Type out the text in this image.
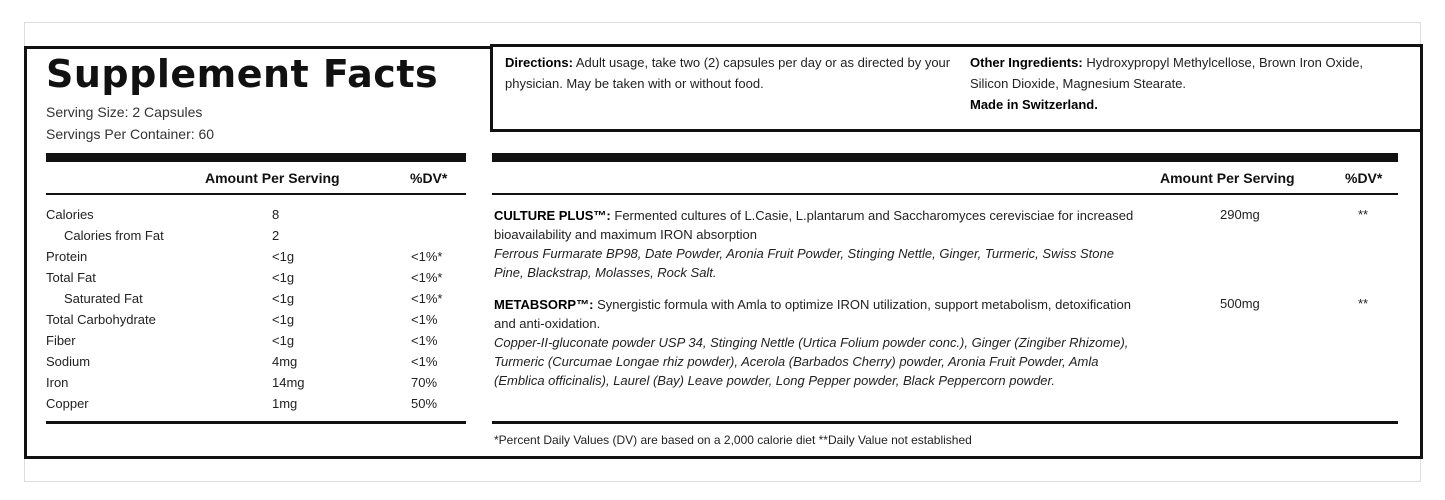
Supplement Facts
Serving Size: 2 Capsules
Servings Per Container: 60
Amount Per Serving	%DV*
Calories	8
Calories from Fat	2
Protein	<1g	<1%*
Total Fat	<1g	<1%*
Saturated Fat	<1g	<1%*
Total Carbohydrate	<1g	<1%
Fiber	<1g	<1%
Sodium	4mg	<1%
Iron	14mg	70%
Copper	1mg	50%
Directions: Adult usage, take two (2) capsules per day or as directed by your physician. May be taken with or without food.
Other Ingredients: Hydroxypropyl Methylcellose, Brown Iron Oxide, Silicon Dioxide, Magnesium Stearate.
Made in Switzerland.
Amount Per Serving	%DV*
CULTURE PLUS™: Fermented cultures of L.Casie, L.plantarum and Saccharomyces cerevisciae for increased bioavailability and maximum IRON absorption
Ferrous Furmarate BP98, Date Powder, Aronia Fruit Powder, Stinging Nettle, Ginger, Turmeric, Swiss Stone Pine, Blackstrap, Molasses, Rock Salt.
290mg	**
METABSORP™: Synergistic formula with Amla to optimize IRON utilization, support metabolism, detoxification and anti-oxidation.
Copper-II-gluconate powder USP 34, Stinging Nettle (Urtica Folium powder conc.), Ginger (Zingiber Rhizome), Turmeric (Curcumae Longae rhiz powder), Acerola (Barbados Cherry) powder, Aronia Fruit Powder, Amla (Emblica officinalis), Laurel (Bay) Leave powder, Long Pepper powder, Black Peppercorn powder.
500mg	**
*Percent Daily Values (DV) are based on a 2,000 calorie diet **Daily Value not established
